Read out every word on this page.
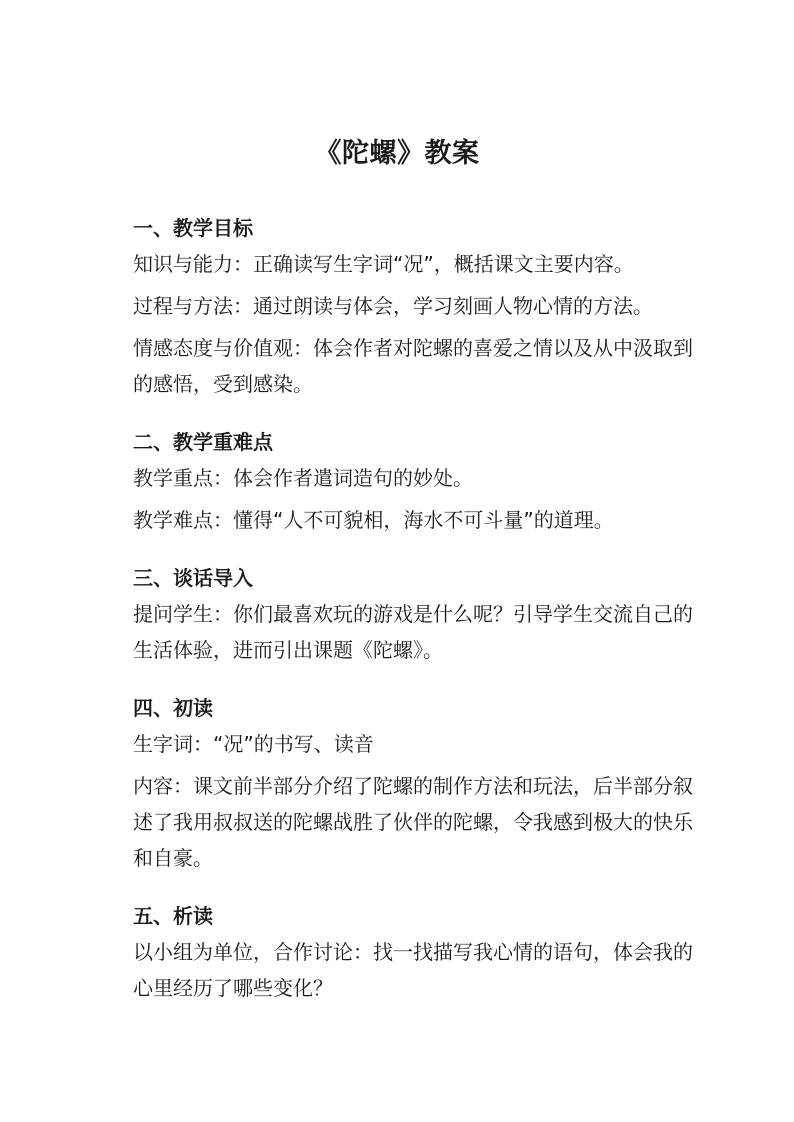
《陀螺》教案

一、教学目标

知识与能力：正确读写生字词“况”，概括课文主要内容。

过程与方法：通过朗读与体会，学习刻画人物心情的方法。

情感态度与价值观：体会作者对陀螺的喜爱之情以及从中汲取到的感悟，受到感染。

二、教学重难点

教学重点：体会作者遣词造句的妙处。

教学难点：懂得“人不可貌相，海水不可斗量”的道理。

三、谈话导入

提问学生：你们最喜欢玩的游戏是什么呢？引导学生交流自己的生活体验，进而引出课题《陀螺》。

四、初读

生字词：“况”的书写、读音

内容：课文前半部分介绍了陀螺的制作方法和玩法，后半部分叙述了我用叔叔送的陀螺战胜了伙伴的陀螺，令我感到极大的快乐和自豪。

五、析读

以小组为单位，合作讨论：找一找描写我心情的语句，体会我的心里经历了哪些变化？
